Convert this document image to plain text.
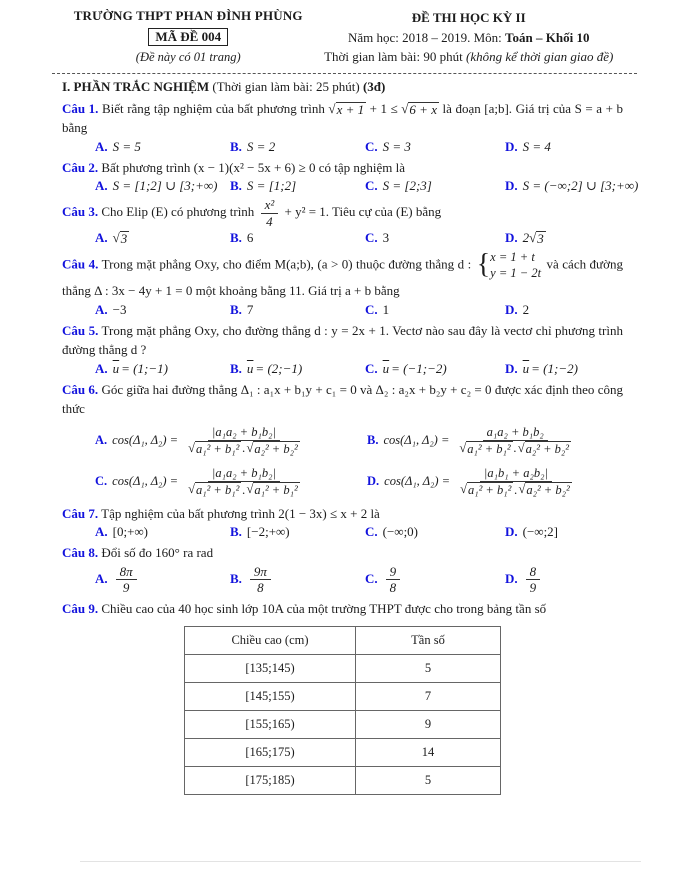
TRƯỜNG THPT PHAN ĐÌNH PHÙNG
MÃ ĐỀ 004
(Đề này có 01 trang)
ĐỀ THI HỌC KỲ II
Năm học: 2018 – 2019. Môn: Toán – Khối 10
Thời gian làm bài: 90 phút (không kể thời gian giao đề)
I. PHẦN TRẮC NGHIỆM (Thời gian làm bài: 25 phút) (3đ)
Câu 1. Biết rằng tập nghiệm của bất phương trình √ x + 1 + 1 ≤ √ 6 + x là đoạn [a;b]. Giá trị của S = a + b bằng
A. S = 5	B. S = 2	C. S = 3	D. S = 4
Câu 2. Bất phương trình (x − 1)(x² − 5x + 6) ≥ 0 có tập nghiệm là
A. S = [1;2] ∪ [3;+∞) B. S = [1;2]	C. S = [2;3]	D. S = (−∞;2] ∪ [3;+∞)
Câu 3. Cho Elip (E) có phương trình $\frac{\text{x²}}{4} + y^2 = 1$. Tiêu cự của (E) bằng
A. √ 3	B. 6	C. 3	D. 2 √ 3
Câu 4. Trong mặt phẳng Oxy, cho điểm M(a;b), (a > 0) thuộc đường thẳng d : { x = 1 + t
y = 1 − 2t
và cách đường thẳng Δ : 3x − 4y + 1 = 0 một khoảng bằng 11. Giá trị a + b bằng
A. −3	B. 7	C. 1	D. 2
Câu 5. Trong mặt phẳng Oxy, cho đường thẳng d : y = 2x + 1. Vectơ nào sau đây là vectơ chỉ phương trình đường thẳng d ?
A. $\overline{u}$ = (1;−1)	B. $\overline{u}$ = (2;−1)	C. $\overline{u}$ = (−1;−2)	D. $\overline{u}$ = (1;−2)
Câu 6. Góc giữa hai đường thẳng Δ₁ : a₁x + b₁y + c₁ = 0 và Δ₂ : a₂x + b₂y + c₂ = 0 được xác định theo công thức
A. cos(Δ₁, $\Delta_2) = \frac{\text{|a₁a₂ + b₁b₂|}}{\text{√ a₁² + b₁² . √ a₂² + b₂²}}$	B. cos(Δ₁, $\Delta_2) = \frac{\text{a₁a₂ + b₁b₂}}{\text{√ a₁² + b₁² . √ a₂² + b₂²}}$
C. cos(Δ₁, $\Delta_2) = \frac{\text{|a₁a₂ + b₁b₂|}}{\text{√ a₁² + b₁² . √ a₁² + b₁²}}$	D. cos(Δ₁, $\Delta_2) = \frac{\text{|a₁b₁ + a₂b₂|}}{\text{√ a₁² + b₁² . √ a₂² + b₂²}}$
Câu 7. Tập nghiệm của bất phương trình 2(1 − 3x) ≤ x + 2 là
A. [0;+∞)	B. [−2;+∞)	C. (−∞;0)	D. (−∞;2]
Câu 8. Đổi số đo 160° ra rad
A. $\frac{8\pi}{9}$	B. $\frac{9\pi}{8}$	C. $\frac{9}{8}$	D. $\frac{8}{9}$
Câu 9. Chiều cao của 40 học sinh lớp 10A của một trường THPT được cho trong bảng tần số
Chiều cao (cm)	Tần số
[135;145)	5
[145;155)	7
[155;165)	9
[165;175)	14
[175;185)	5
